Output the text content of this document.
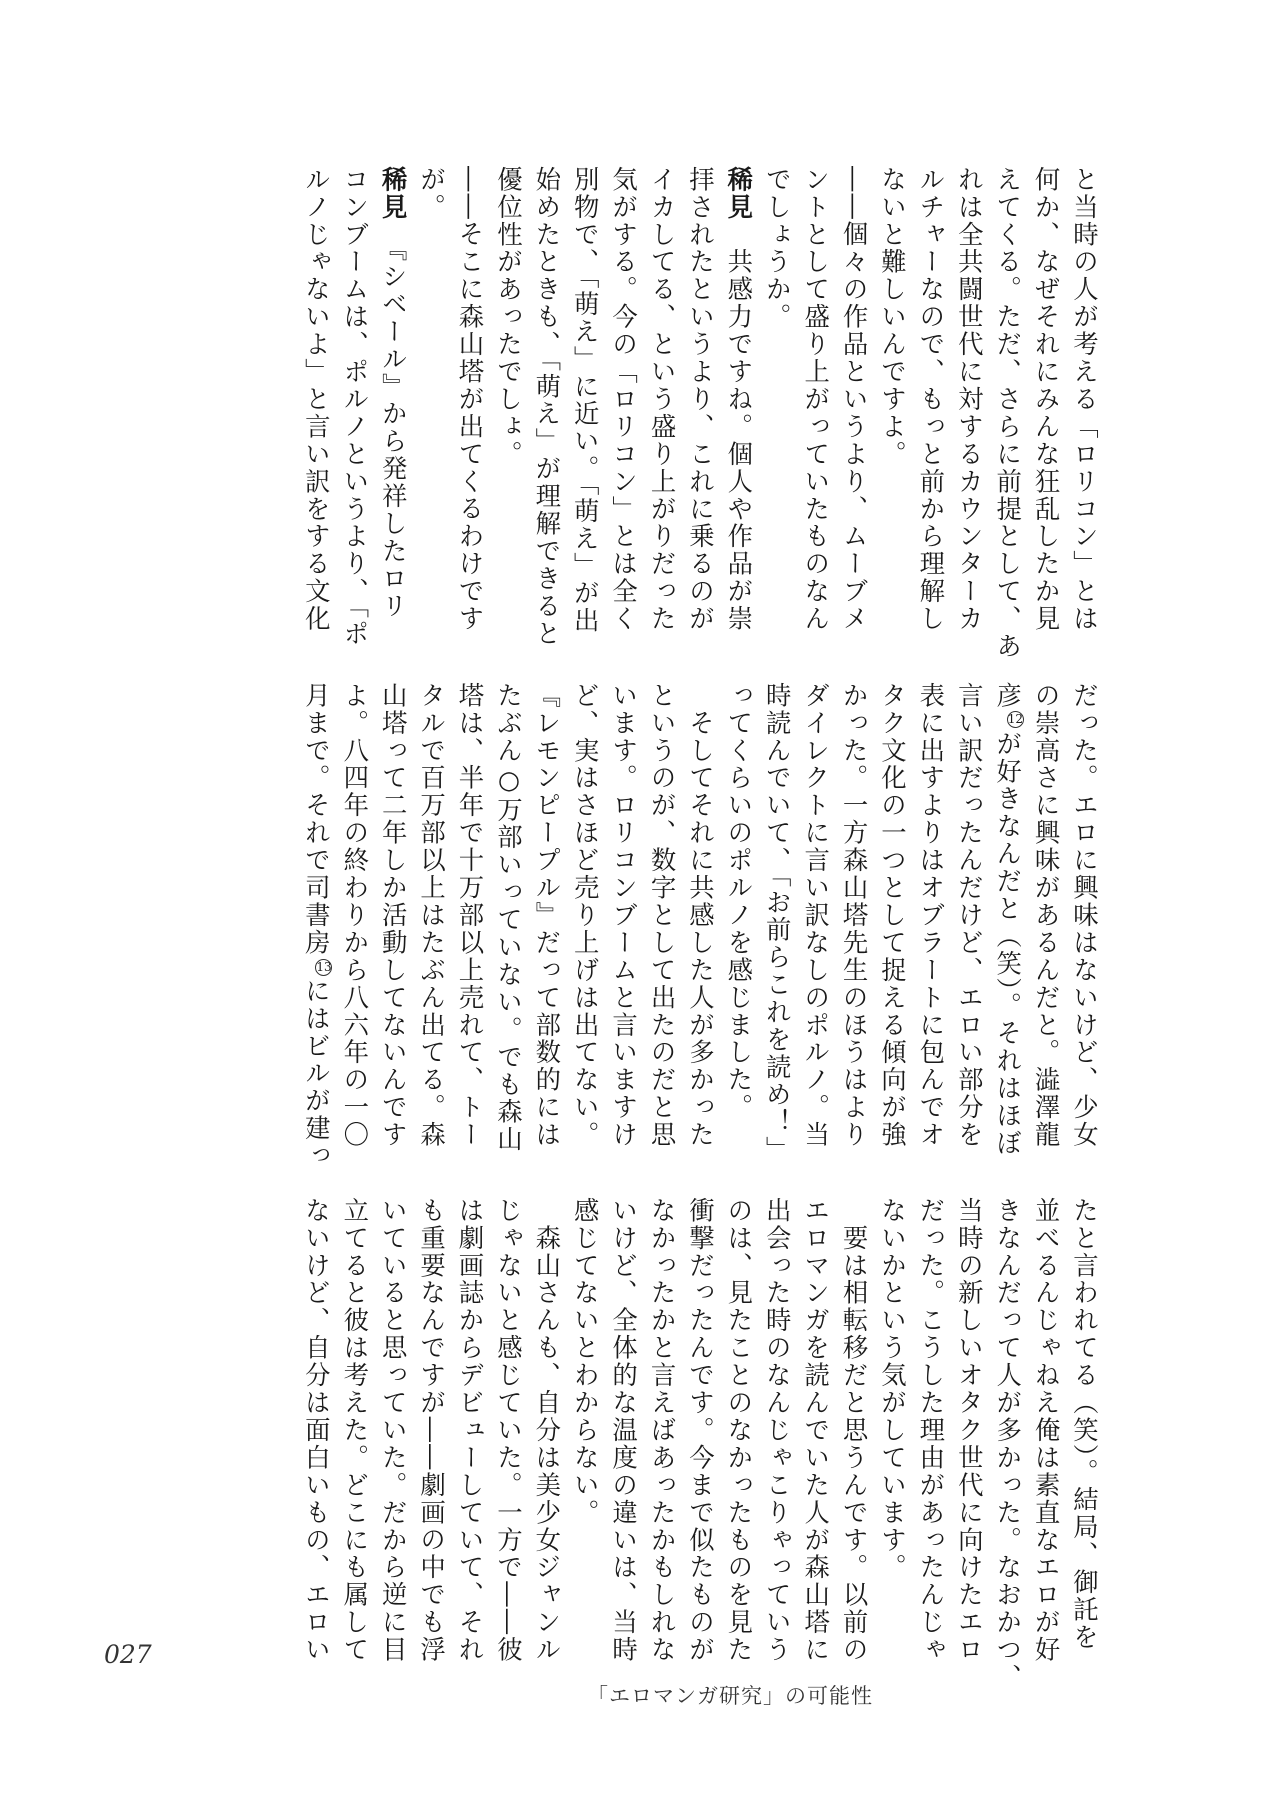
と当時の人が考える「ロリコン」とは
何か、なぜそれにみんな狂乱したか見
えてくる。ただ、さらに前提として、あ
れは全共闘世代に対するカウンターカ
ルチャーなので、もっと前から理解し
ないと難しいんですよ。
――個々の作品というより、ムーブメ
ントとして盛り上がっていたものなん
でしょうか。
稀見　共感力ですね。個人や作品が崇
拝されたというより、これに乗るのが
イカしてる、という盛り上がりだった
気がする。今の「ロリコン」とは全く
別物で、「萌え」に近い。「萌え」が出
始めたときも、「萌え」が理解できると
優位性があったでしょ。
――そこに森山塔が出てくるわけです
が。
稀見　『シベール』から発祥したロリ
コンブームは、ポルノというより、「ポ
ルノじゃないよ」と言い訳をする文化
だった。エロに興味はないけど、少女
の崇高さに興味があるんだと。澁澤龍
彦12が好きなんだと（笑）。それはほぼ
言い訳だったんだけど、エロい部分を
表に出すよりはオブラートに包んでオ
タク文化の一つとして捉える傾向が強
かった。一方森山塔先生のほうはより
ダイレクトに言い訳なしのポルノ。当
時読んでいて、「お前らこれを読め！」
ってくらいのポルノを感じました。
　そしてそれに共感した人が多かった
というのが、数字として出たのだと思
います。ロリコンブームと言いますけ
ど、実はさほど売り上げは出てない。
『レモンピープル』だって部数的には
たぶん○万部いっていない。でも森山
塔は、半年で十万部以上売れて、トー
タルで百万部以上はたぶん出てる。森
山塔って二年しか活動してないんです
よ。八四年の終わりから八六年の一〇
月まで。それで司書房13にはビルが建っ
たと言われてる（笑）。結局、御託を
並べるんじゃねえ俺は素直なエロが好
きなんだって人が多かった。なおかつ、
当時の新しいオタク世代に向けたエロ
だった。こうした理由があったんじゃ
ないかという気がしています。
　要は相転移だと思うんです。以前の
エロマンガを読んでいた人が森山塔に
出会った時のなんじゃこりゃっていう
のは、見たことのなかったものを見た
衝撃だったんです。今まで似たものが
なかったかと言えばあったかもしれな
いけど、全体的な温度の違いは、当時
感じてないとわからない。
　森山さんも、自分は美少女ジャンル
じゃないと感じていた。一方で――彼
は劇画誌からデビューしていて、それ
も重要なんですが――劇画の中でも浮
いていると思っていた。だから逆に目
立てると彼は考えた。どこにも属して
ないけど、自分は面白いもの、エロい
027
「エロマンガ研究」の可能性
